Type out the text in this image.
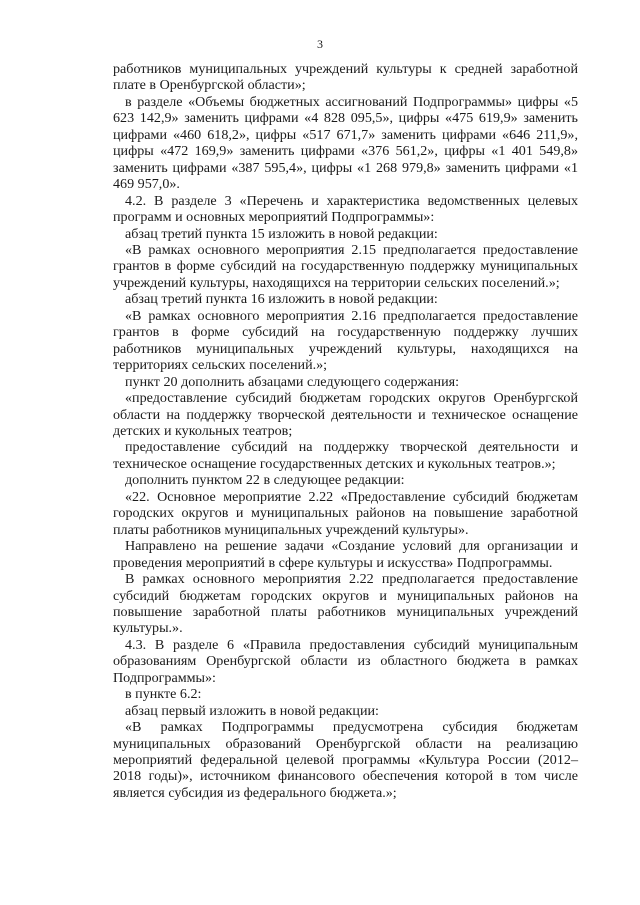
3

работников муниципальных учреждений культуры к средней заработной плате в Оренбургской области»;

в разделе «Объемы бюджетных ассигнований Подпрограммы» цифры «5 623 142,9» заменить цифрами «4 828 095,5», цифры «475 619,9» заменить цифрами «460 618,2», цифры «517 671,7» заменить цифрами «646 211,9», цифры «472 169,9» заменить цифрами «376 561,2», цифры «1 401 549,8» заменить цифрами «387 595,4», цифры «1 268 979,8» заменить цифрами «1 469 957,0».

4.2. В разделе 3 «Перечень и характеристика ведомственных целевых программ и основных мероприятий Подпрограммы»:

абзац третий пункта 15 изложить в новой редакции:

«В рамках основного мероприятия 2.15 предполагается предоставление грантов в форме субсидий на государственную поддержку муниципальных учреждений культуры, находящихся на территории сельских поселений.»;

абзац третий пункта 16 изложить в новой редакции:

«В рамках основного мероприятия 2.16 предполагается предоставление грантов в форме субсидий на государственную поддержку лучших работников муниципальных учреждений культуры, находящихся на территориях сельских поселений.»;

пункт 20 дополнить абзацами следующего содержания:

«предоставление субсидий бюджетам городских округов Оренбургской области на поддержку творческой деятельности и техническое оснащение детских и кукольных театров;

предоставление субсидий на поддержку творческой деятельности и техническое оснащение государственных детских и кукольных театров.»;

дополнить пунктом 22 в следующее редакции:

«22. Основное мероприятие 2.22 «Предоставление субсидий бюджетам городских округов и муниципальных районов на повышение заработной платы работников муниципальных учреждений культуры».

Направлено на решение задачи «Создание условий для организации и проведения мероприятий в сфере культуры и искусства» Подпрограммы.

В рамках основного мероприятия 2.22 предполагается предоставление субсидий бюджетам городских округов и муниципальных районов на повышение заработной платы работников муниципальных учреждений культуры.».

4.3. В разделе 6 «Правила предоставления субсидий муниципальным образованиям Оренбургской области из областного бюджета в рамках Подпрограммы»:

в пункте 6.2:

абзац первый изложить в новой редакции:

«В рамках Подпрограммы предусмотрена субсидия бюджетам муниципальных образований Оренбургской области на реализацию мероприятий федеральной целевой программы «Культура России (2012–2018 годы)», источником финансового обеспечения которой в том числе является субсидия из федерального бюджета.»;
